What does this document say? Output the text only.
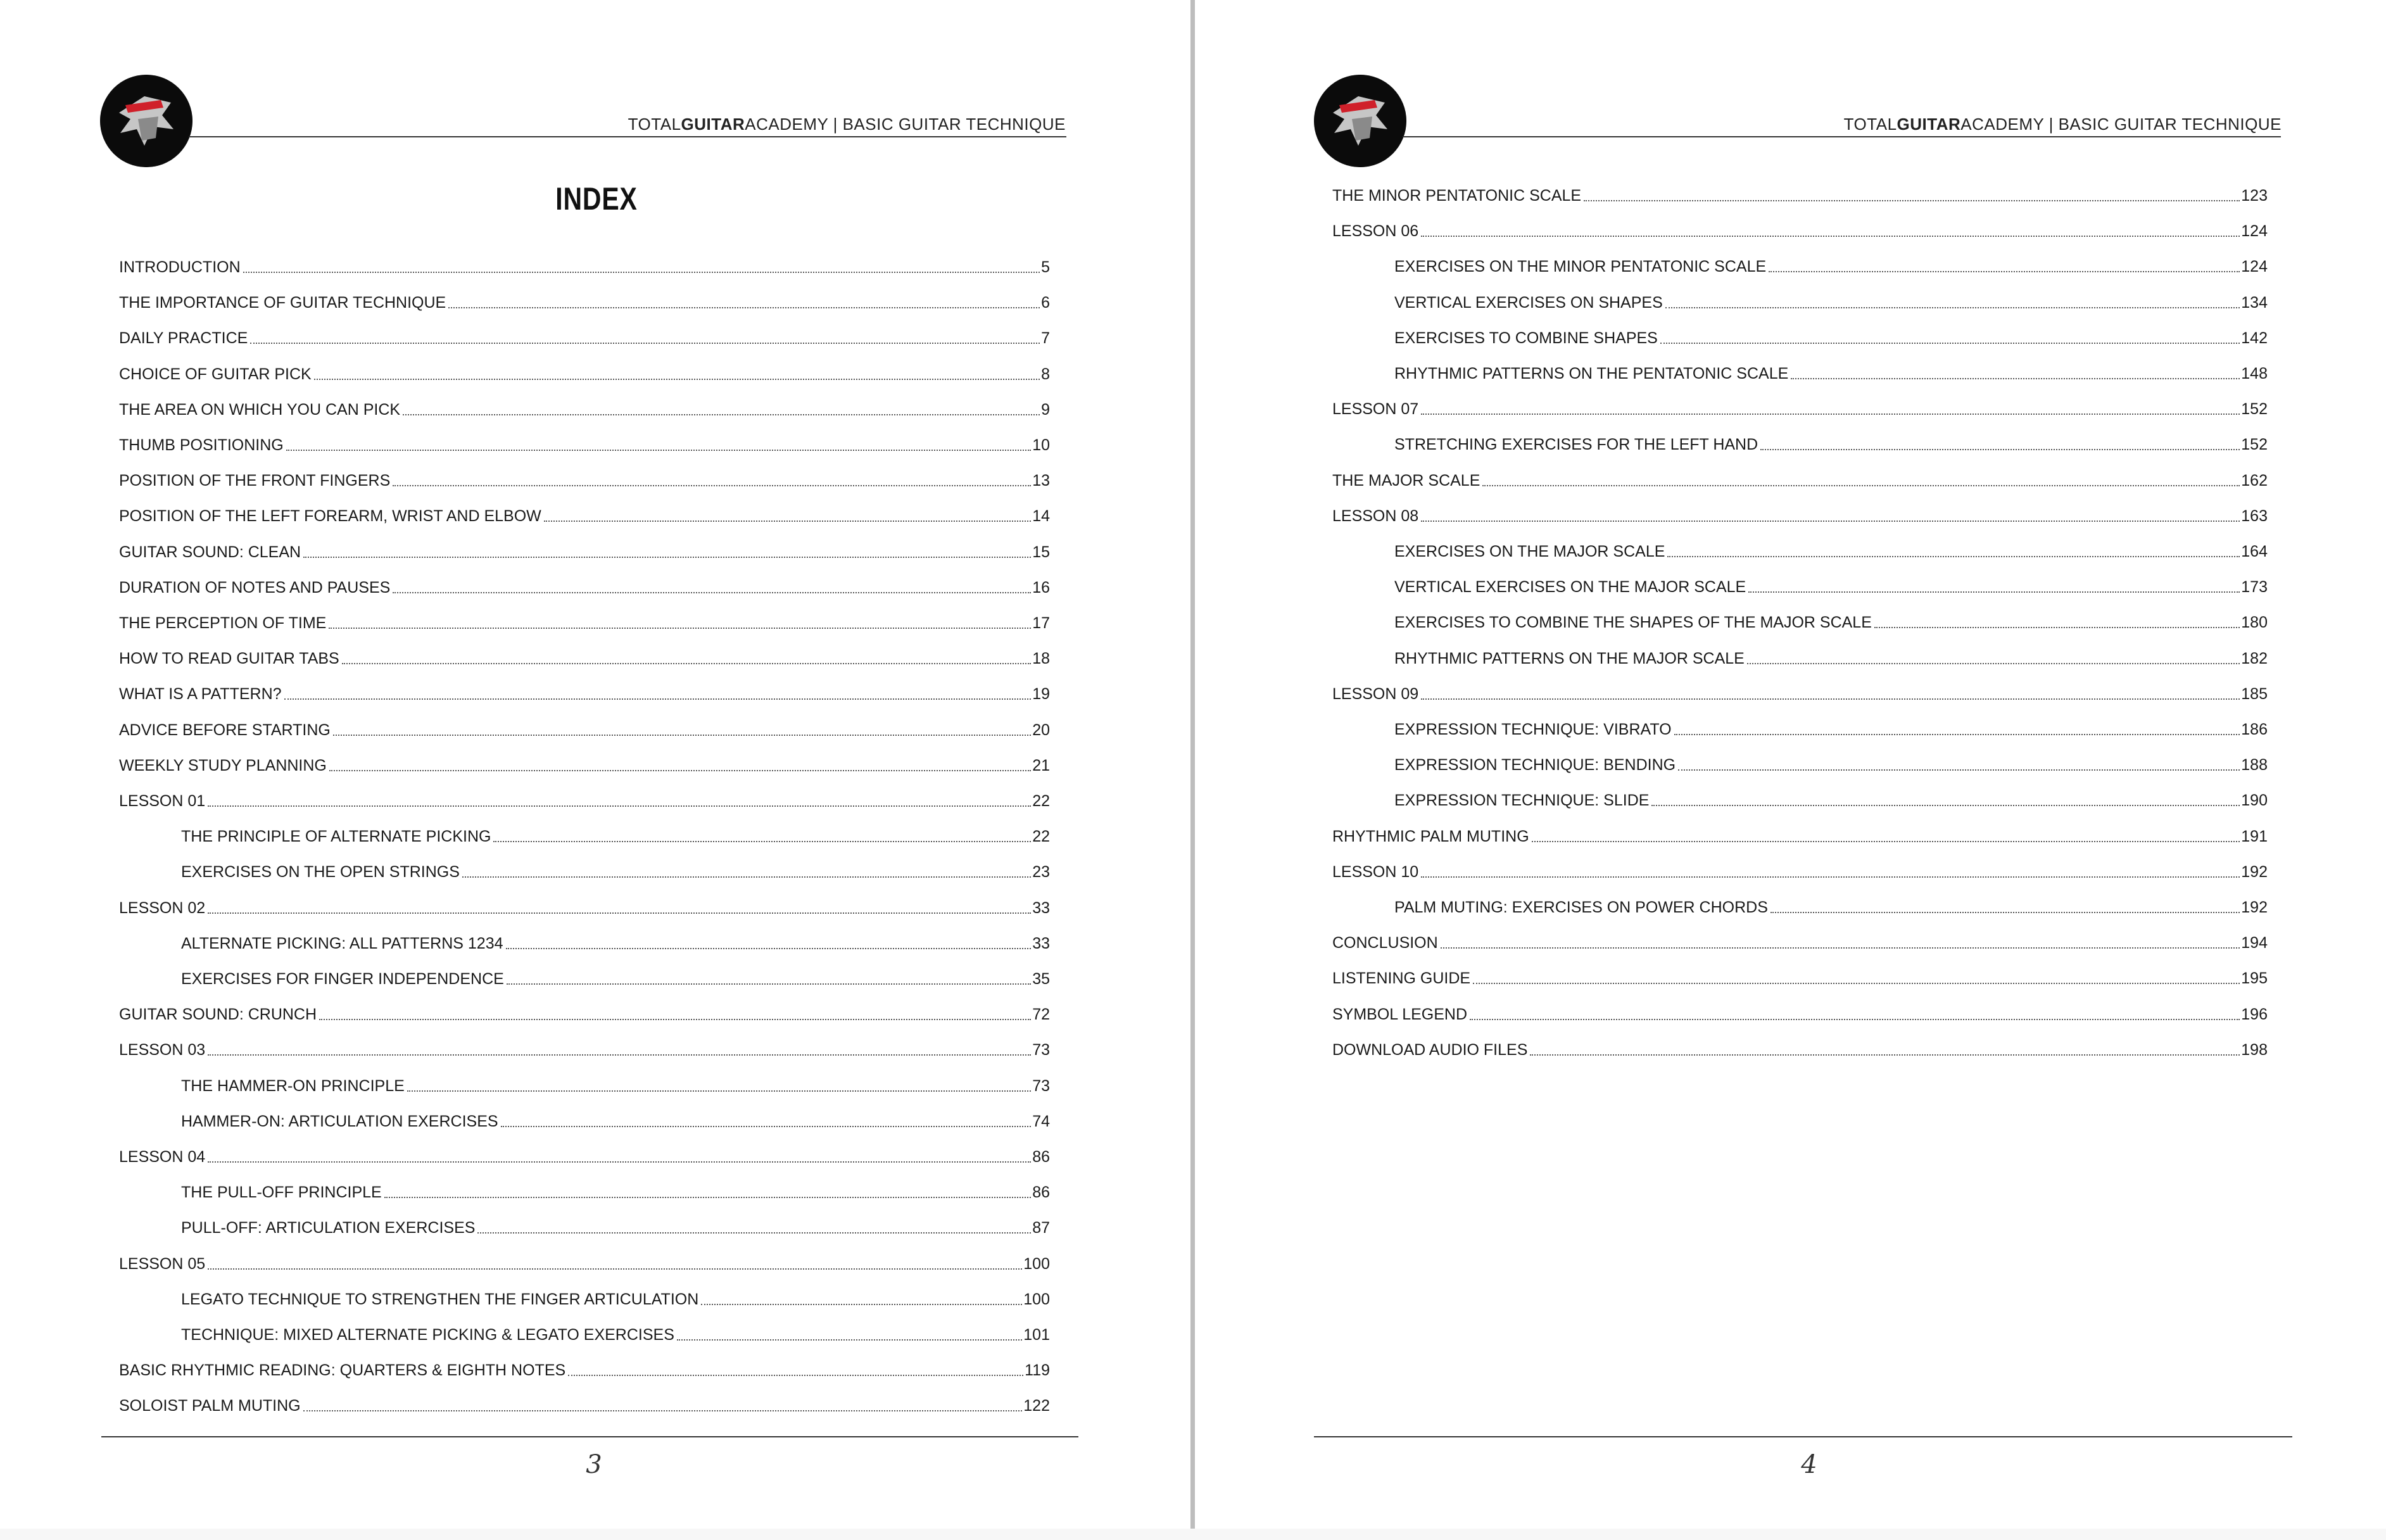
TOTALGUITARACADEMY | BASIC GUITAR TECHNIQUE
INDEX
INTRODUCTION	5
THE IMPORTANCE OF GUITAR TECHNIQUE	6
DAILY PRACTICE	7
CHOICE OF GUITAR PICK	8
THE AREA ON WHICH YOU CAN PICK	9
THUMB POSITIONING	10
POSITION OF THE FRONT FINGERS	13
POSITION OF THE LEFT FOREARM, WRIST AND ELBOW	14
GUITAR SOUND: CLEAN	15
DURATION OF NOTES AND PAUSES	16
THE PERCEPTION OF TIME	17
HOW TO READ GUITAR TABS	18
WHAT IS A PATTERN?	19
ADVICE BEFORE STARTING	20
WEEKLY STUDY PLANNING	21
LESSON 01	22
THE PRINCIPLE OF ALTERNATE PICKING	22
EXERCISES ON THE OPEN STRINGS	23
LESSON 02	33
ALTERNATE PICKING: ALL PATTERNS 1234	33
EXERCISES FOR FINGER INDEPENDENCE	35
GUITAR SOUND: CRUNCH	72
LESSON 03	73
THE HAMMER-ON PRINCIPLE	73
HAMMER-ON: ARTICULATION EXERCISES	74
LESSON 04	86
THE PULL-OFF PRINCIPLE	86
PULL-OFF: ARTICULATION EXERCISES	87
LESSON 05	100
LEGATO TECHNIQUE TO STRENGTHEN THE FINGER ARTICULATION	100
TECHNIQUE: MIXED ALTERNATE PICKING & LEGATO EXERCISES	101
BASIC RHYTHMIC READING: QUARTERS & EIGHTH NOTES	119
SOLOIST PALM MUTING	122
3
TOTALGUITARACADEMY | BASIC GUITAR TECHNIQUE
THE MINOR PENTATONIC SCALE	123
LESSON 06	124
EXERCISES ON THE MINOR PENTATONIC SCALE	124
VERTICAL EXERCISES ON SHAPES	134
EXERCISES TO COMBINE SHAPES	142
RHYTHMIC PATTERNS ON THE PENTATONIC SCALE	148
LESSON 07	152
STRETCHING EXERCISES FOR THE LEFT HAND	152
THE MAJOR SCALE	162
LESSON 08	163
EXERCISES ON THE MAJOR SCALE	164
VERTICAL EXERCISES ON THE MAJOR SCALE	173
EXERCISES TO COMBINE THE SHAPES OF THE MAJOR SCALE	180
RHYTHMIC PATTERNS ON THE MAJOR SCALE	182
LESSON 09	185
EXPRESSION TECHNIQUE: VIBRATO	186
EXPRESSION TECHNIQUE: BENDING	188
EXPRESSION TECHNIQUE: SLIDE	190
RHYTHMIC PALM MUTING	191
LESSON 10	192
PALM MUTING: EXERCISES ON POWER CHORDS	192
CONCLUSION	194
LISTENING GUIDE	195
SYMBOL LEGEND	196
DOWNLOAD AUDIO FILES	198
4
